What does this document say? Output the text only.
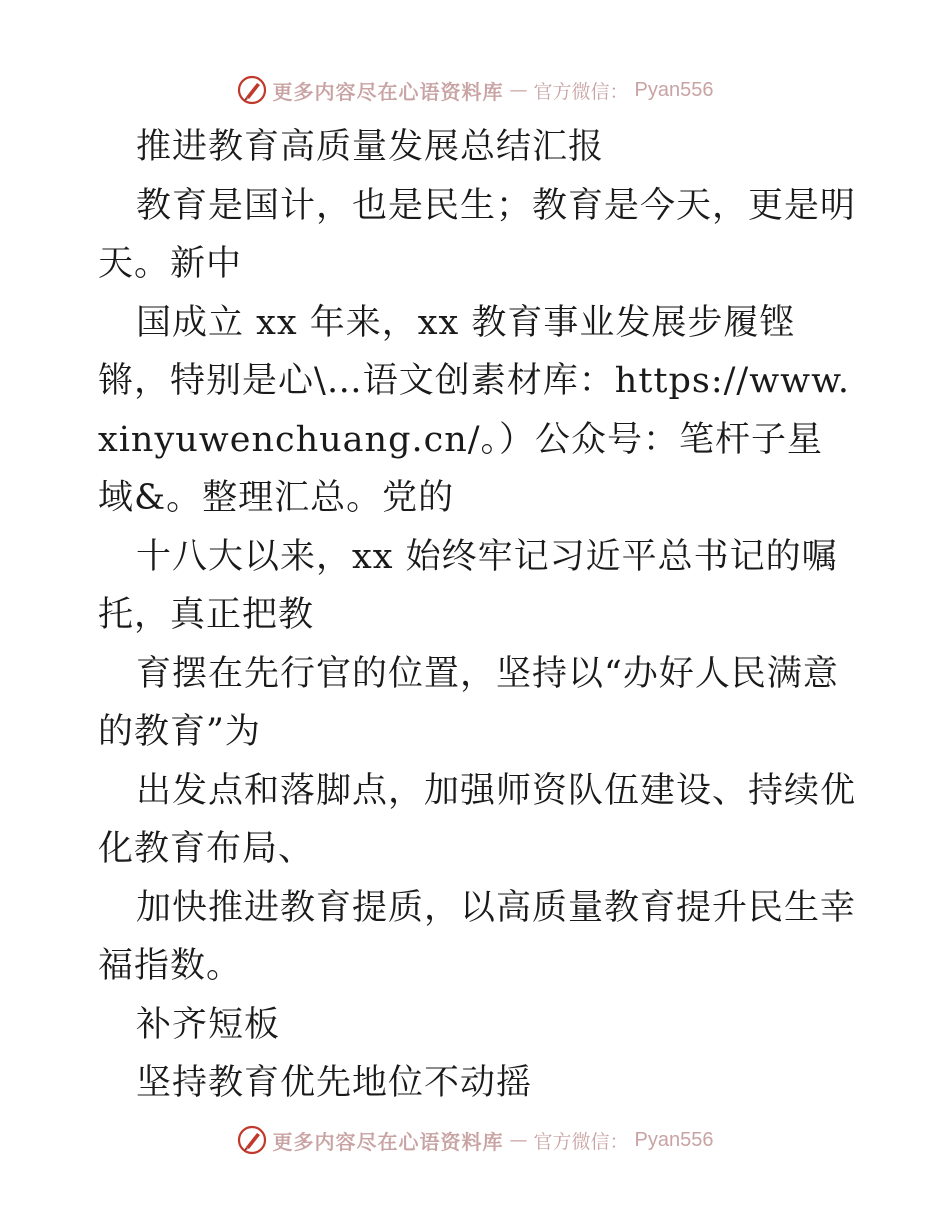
更多内容尽在心语资料库 — 官方微信： Pyan556

推进教育高质量发展总结汇报

教育是国计，也是民生；教育是今天，更是明天。新中

国成立 xx 年来，xx 教育事业发展步履铿锵，特别是心\…语文创素材库：https://www.xinyuwenchuang.cn/。）公众号：笔杆子星域&。整理汇总。党的

十八大以来，xx 始终牢记习近平总书记的嘱托，真正把教

育摆在先行官的位置，坚持以“办好人民满意的教育”为

出发点和落脚点，加强师资队伍建设、持续优化教育布局、

加快推进教育提质，以高质量教育提升民生幸福指数。

补齐短板

坚持教育优先地位不动摇

更多内容尽在心语资料库 — 官方微信： Pyan556
